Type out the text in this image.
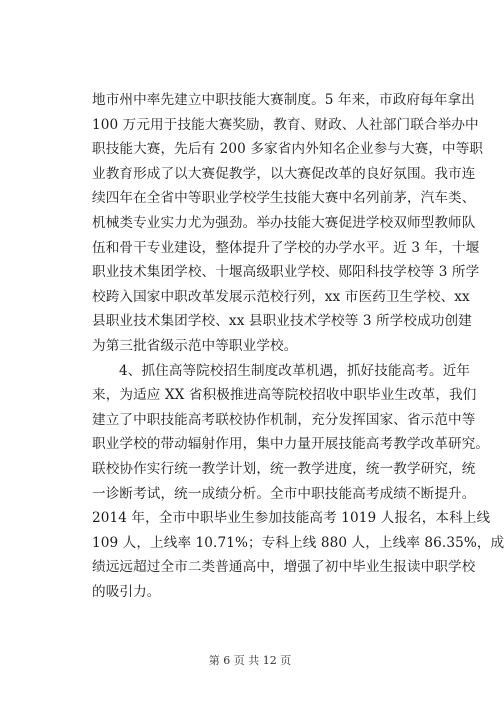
地市州中率先建立中职技能大赛制度。5 年来，市政府每年拿出
100 万元用于技能大赛奖励，教育、财政、人社部门联合举办中
职技能大赛，先后有 200 多家省内外知名企业参与大赛，中等职
业教育形成了以大赛促教学，以大赛促改革的良好氛围。我市连
续四年在全省中等职业学校学生技能大赛中名列前茅，汽车类、
机械类专业实力尤为强劲。举办技能大赛促进学校双师型教师队
伍和骨干专业建设，整体提升了学校的办学水平。近 3 年，十堰
职业技术集团学校、十堰高级职业学校、郧阳科技学校等 3 所学
校跨入国家中职改革发展示范校行列，xx 市医药卫生学校、xx
县职业技术集团学校、xx 县职业技术学校等 3 所学校成功创建
为第三批省级示范中等职业学校。

4、抓住高等院校招生制度改革机遇，抓好技能高考。近年
来，为适应 XX 省积极推进高等院校招收中职毕业生改革，我们
建立了中职技能高考联校协作机制，充分发挥国家、省示范中等
职业学校的带动辐射作用，集中力量开展技能高考教学改革研究。
联校协作实行统一教学计划，统一教学进度，统一教学研究，统
一诊断考试，统一成绩分析。全市中职技能高考成绩不断提升。
2014 年，全市中职毕业生参加技能高考 1019 人报名，本科上线
109 人，上线率 10.71%；专科上线 880 人，上线率 86.35%，成
绩远远超过全市二类普通高中，增强了初中毕业生报读中职学校
的吸引力。

第 6 页 共 12 页
